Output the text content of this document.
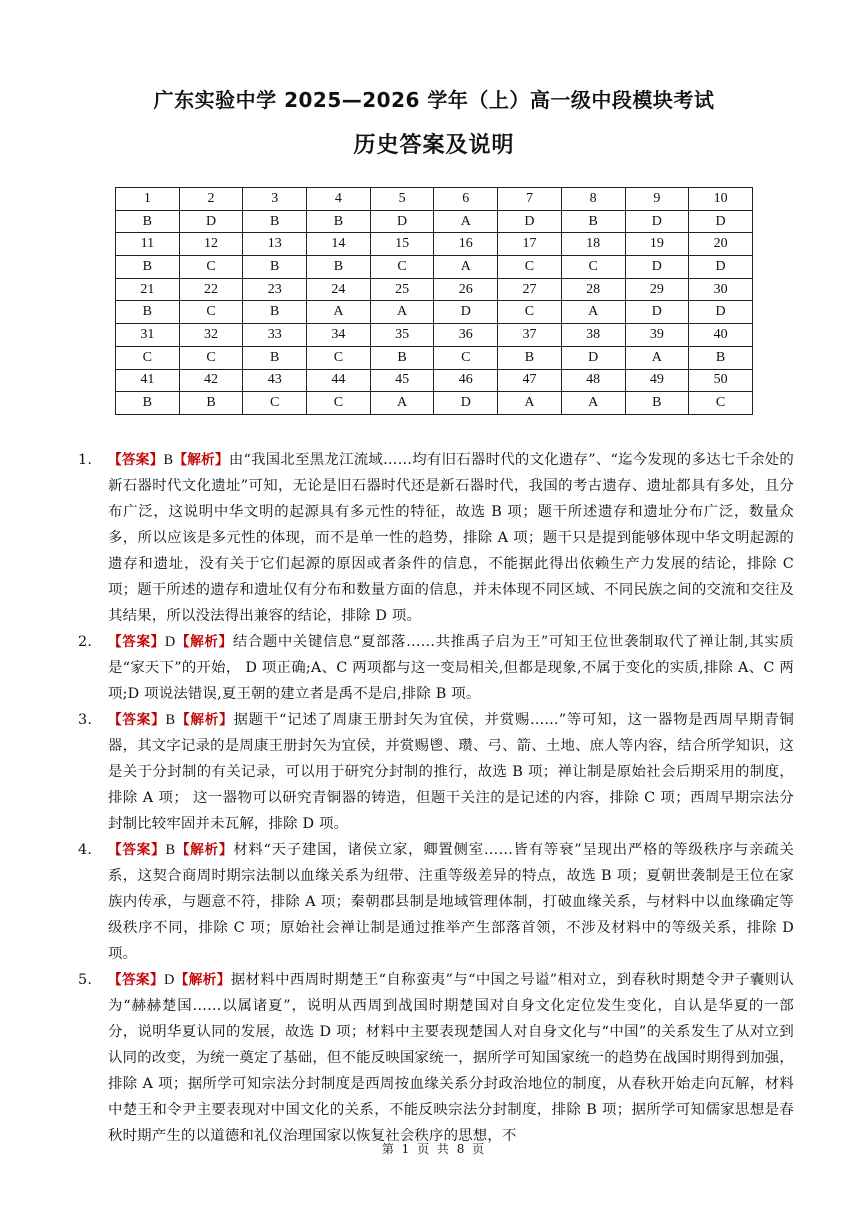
广东实验中学 2025—2026 学年（上）高一级中段模块考试
历史答案及说明
1	2	3	4	5	6	7	8	9	10
B	D	B	B	D	A	D	B	D	D
11	12	13	14	15	16	17	18	19	20
B	C	B	B	C	A	C	C	D	D
21	22	23	24	25	26	27	28	29	30
B	C	B	A	A	D	C	A	D	D
31	32	33	34	35	36	37	38	39	40
C	C	B	C	B	C	B	D	A	B
41	42	43	44	45	46	47	48	49	50
B	B	C	C	A	D	A	A	B	C
1. 【答案】B【解析】由“我国北至黑龙江流域……均有旧石器时代的文化遗存”、“迄今发现的多达七千余处的新石器时代文化遗址”可知，无论是旧石器时代还是新石器时代，我国的考古遗存、遗址都具有多处，且分布广泛，这说明中华文明的起源具有多元性的特征，故选 B 项；题干所述遗存和遗址分布广泛，数量众多，所以应该是多元性的体现，而不是单一性的趋势，排除 A 项；题干只是提到能够体现中华文明起源的遗存和遗址，没有关于它们起源的原因或者条件的信息，不能据此得出依赖生产力发展的结论，排除 C 项；题干所述的遗存和遗址仅有分布和数量方面的信息，并未体现不同区域、不同民族之间的交流和交往及其结果，所以没法得出兼容的结论，排除 D 项。
2. 【答案】D【解析】结合题中关键信息“夏部落……共推禹子启为王”可知王位世袭制取代了禅让制,其实质是“家天下”的开始， D 项正确;A、C 两项都与这一变局相关,但都是现象,不属于变化的实质,排除 A、C 两项;D 项说法错误,夏王朝的建立者是禹不是启,排除 B 项。
3. 【答案】B【解析】据题干“记述了周康王册封矢为宜侯，并赏赐......”等可知，这一器物是西周早期青铜器，其文字记录的是周康王册封矢为宜侯，并赏赐鬯、瓒、弓、箭、土地、庶人等内容，结合所学知识，这是关于分封制的有关记录，可以用于研究分封制的推行，故选 B 项；禅让制是原始社会后期采用的制度，排除 A 项； 这一器物可以研究青铜器的铸造，但题干关注的是记述的内容，排除 C 项；西周早期宗法分封制比较牢固并未瓦解，排除 D 项。
4. 【答案】B【解析】材料“天子建国，诸侯立家，卿置侧室……皆有等衰”呈现出严格的等级秩序与亲疏关系，这契合商周时期宗法制以血缘关系为纽带、注重等级差异的特点，故选 B 项；夏朝世袭制是王位在家族内传承，与题意不符，排除 A 项；秦朝郡县制是地域管理体制，打破血缘关系，与材料中以血缘确定等级秩序不同，排除 C 项；原始社会禅让制是通过推举产生部落首领，不涉及材料中的等级关系，排除 D 项。
5. 【答案】D【解析】据材料中西周时期楚王“自称蛮夷”与“中国之号谥”相对立，到春秋时期楚令尹子囊则认为“赫赫楚国……以属诸夏”，说明从西周到战国时期楚国对自身文化定位发生变化，自认是华夏的一部分，说明华夏认同的发展，故选 D 项；材料中主要表现楚国人对自身文化与“中国”的关系发生了从对立到认同的改变，为统一奠定了基础，但不能反映国家统一，据所学可知国家统一的趋势在战国时期得到加强，排除 A 项；据所学可知宗法分封制度是西周按血缘关系分封政治地位的制度，从春秋开始走向瓦解，材料中楚王和令尹主要表现对中国文化的关系，不能反映宗法分封制度，排除 B 项；据所学可知儒家思想是春秋时期产生的以道德和礼仪治理国家以恢复社会秩序的思想，不
第 1 页 共 8 页
